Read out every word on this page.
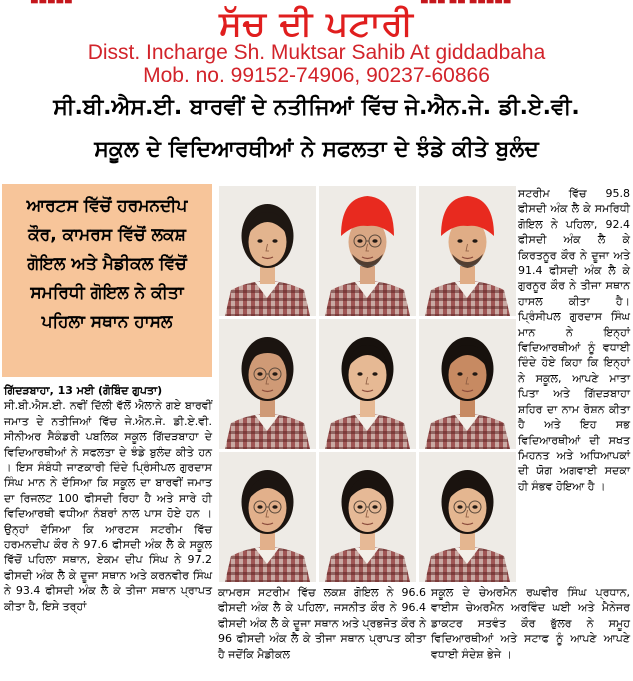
▬▬▬▬▬	▬▬▬ ▬▬ ▬▬▬▬▬
ਸੱਚ ਦੀ ਪਟਾਰੀ
Disst. Incharge Sh. Muktsar Sahib At giddadbaha
Mob. no. 99152-74906, 90237-60866
ਸੀ.ਬੀ.ਐਸ.ਈ. ਬਾਰਵੀਂ ਦੇ ਨਤੀਜਿਆਂ ਵਿੱਚ ਜੇ.ਐਨ.ਜੇ. ਡੀ.ਏ.ਵੀ.
ਸਕੂਲ ਦੇ ਵਿਦਿਆਰਥੀਆਂ ਨੇ ਸਫਲਤਾ ਦੇ ਝੰਡੇ ਕੀਤੇ ਬੁਲੰਦ
ਆਰਟਸ ਵਿੱਚੋਂ ਹਰਮਨਦੀਪ ਕੌਰ, ਕਾਮਰਸ ਵਿੱਚੋਂ ਲਕਸ਼ ਗੋਇਲ ਅਤੇ ਮੈਡੀਕਲ ਵਿੱਚੋਂ ਸਮਰਿਧੀ ਗੋਇਲ ਨੇ ਕੀਤਾ ਪਹਿਲਾ ਸਥਾਨ ਹਾਸਲ
ਗਿੱਦੜਬਾਹਾ, 13 ਮਈ (ਗੋਬਿੰਦ ਗੁਪਤਾ)
ਸੀ.ਬੀ.ਐਸ.ਈ. ਨਵੀਂ ਦਿੱਲੀ ਵੱਲੋਂ ਐਲਾਨੇ ਗਏ ਬਾਰਵੀਂ ਜਮਾਤ ਦੇ ਨਤੀਜਿਆਂ ਵਿੱਚ ਜੇ.ਐਨ.ਜੇ. ਡੀ.ਏ.ਵੀ. ਸੀਨੀਅਰ ਸੈਕੰਡਰੀ ਪਬਲਿਕ ਸਕੂਲ ਗਿੱਦੜਬਾਹਾ ਦੇ ਵਿਦਿਆਰਥੀਆਂ ਨੇ ਸਫਲਤਾ ਦੇ ਝੰਡੇ ਬੁਲੰਦ ਕੀਤੇ ਹਨ । ਇਸ ਸੰਬੰਧੀ ਜਾਣਕਾਰੀ ਦਿੰਦੇ ਪ੍ਰਿੰਸੀਪਲ ਗੁਰਦਾਸ ਸਿੰਘ ਮਾਨ ਨੇ ਦੱਸਿਆ ਕਿ ਸਕੂਲ ਦਾ ਬਾਰਵੀਂ ਜਮਾਤ ਦਾ ਰਿਜਲਟ 100 ਫੀਸਦੀ ਰਿਹਾ ਹੈ ਅਤੇ ਸਾਰੇ ਹੀ ਵਿਦਿਆਰਥੀ ਵਧੀਆ ਨੰਬਰਾਂ ਨਾਲ ਪਾਸ ਹੋਏ ਹਨ । ਉਨ੍ਹਾਂ ਦੱਸਿਆ ਕਿ ਆਰਟਸ ਸਟਰੀਮ ਵਿੱਚ ਹਰਮਨਦੀਪ ਕੌਰ ਨੇ 97.6 ਫੀਸਦੀ ਅੰਕ ਲੈ ਕੇ ਸਕੂਲ ਵਿੱਚੋਂ ਪਹਿਲਾ ਸਥਾਨ, ਏਕਮ ਦੀਪ ਸਿੰਘ ਨੇ 97.2 ਫੀਸਦੀ ਅੰਕ ਲੈ ਕੇ ਦੂਜਾ ਸਥਾਨ ਅਤੇ ਕਰਨਵੀਰ ਸਿੰਘ ਨੇ 93.4 ਫੀਸਦੀ ਅੰਕ ਲੈ ਕੇ ਤੀਜਾ ਸਥਾਨ ਪ੍ਰਾਪਤ ਕੀਤਾ ਹੈ, ਇਸੇ ਤਰ੍ਹਾਂ
ਸਟਰੀਮ ਵਿੱਚ 95.8 ਫੀਸਦੀ ਅੰਕ ਲੈ ਕੇ ਸਮਰਿਧੀ ਗੋਇਲ ਨੇ ਪਹਿਲਾ, 92.4 ਫੀਸਦੀ ਅੰਕ ਲੈ ਕੇ ਕਿਰਤਨੂਰ ਕੌਰ ਨੇ ਦੂਜਾ ਅਤੇ 91.4 ਫੀਸਦੀ ਅੰਕ ਲੈ ਕੇ ਗੁਰਨੂਰ ਕੌਰ ਨੇ ਤੀਜਾ ਸਥਾਨ ਹਾਸਲ ਕੀਤਾ ਹੈ। ਪ੍ਰਿੰਸੀਪਲ ਗੁਰਦਾਸ ਸਿੰਘ ਮਾਨ ਨੇ ਇਨ੍ਹਾਂ ਵਿਦਿਆਰਥੀਆਂ ਨੂੰ ਵਧਾਈ ਦਿੰਦੇ ਹੋਏ ਕਿਹਾ ਕਿ ਇਨ੍ਹਾਂ ਨੇ ਸਕੂਲ, ਆਪਣੇ ਮਾਤਾ ਪਿਤਾ ਅਤੇ ਗਿੱਦੜਬਾਹਾ ਸ਼ਹਿਰ ਦਾ ਨਾਮ ਰੋਸ਼ਨ ਕੀਤਾ ਹੈ ਅਤੇ ਇਹ ਸਭ ਵਿਦਿਆਰਥੀਆਂ ਦੀ ਸਖਤ ਮਿਹਨਤ ਅਤੇ ਅਧਿਆਪਕਾਂ ਦੀ ਯੋਗ ਅਗਵਾਈ ਸਦਕਾ ਹੀ ਸੰਭਵ ਹੋਇਆ ਹੈ ।
ਕਾਮਰਸ ਸਟਰੀਮ ਵਿੱਚ ਲਕਸ਼ ਗੋਇਲ ਨੇ 96.6 ਫੀਸਦੀ ਅੰਕ ਲੈ ਕੇ ਪਹਿਲਾ, ਜਸਨੀਤ ਕੌਰ ਨੇ 96.4 ਫੀਸਦੀ ਅੰਕ ਲੈ ਕੇ ਦੂਜਾ ਸਥਾਨ ਅਤੇ ਪ੍ਰਭਜੋਤ ਕੌਰ ਨੇ 96 ਫੀਸਦੀ ਅੰਕ ਲੈ ਕੇ ਤੀਜਾ ਸਥਾਨ ਪ੍ਰਾਪਤ ਕੀਤਾ ਹੈ ਜਦੋਂਕਿ ਮੈਡੀਕਲ
ਸਕੂਲ ਦੇ ਚੇਅਰਮੈਨ ਰਘਵੀਰ ਸਿੰਘ ਪ੍ਰਧਾਨ, ਵਾਈਸ ਚੇਅਰਮੈਨ ਅਰਵਿੰਦ ਘਈ ਅਤੇ ਮੈਨੇਜਰ ਡਾਕਟਰ ਸਤਵੰਤ ਕੌਰ ਭੁੱਲਰ ਨੇ ਸਮੂਹ ਵਿਦਿਆਰਥੀਆਂ ਅਤੇ ਸਟਾਫ ਨੂੰ ਆਪਣੇ ਆਪਣੇ ਵਧਾਈ ਸੰਦੇਸ਼ ਭੇਜੇ ।
